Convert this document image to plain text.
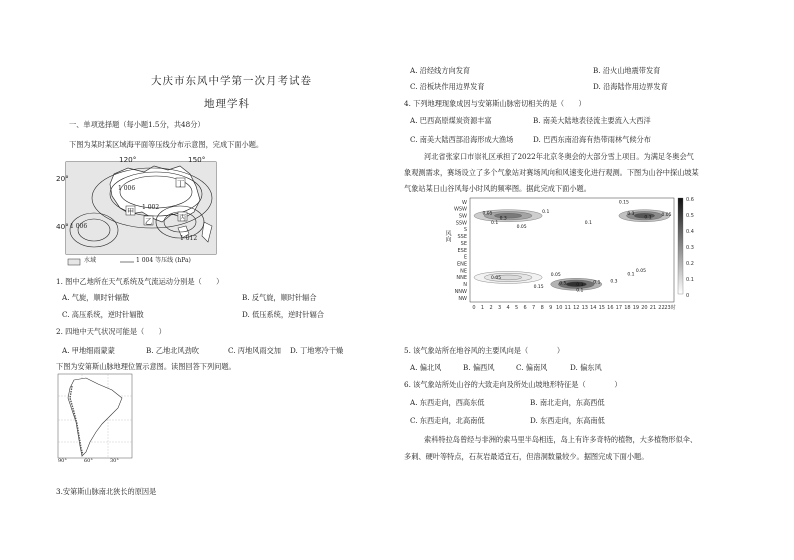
大庆市东风中学第一次月考试卷
地理学科
一、单项选择题（每小题1.5分，共48分）
下图为某时某区域海平面等压线分布示意图，完成下面小题。
120°	150°
20°
40°
甲
乙	丙
丁
1 006
1 002
1 006
1 012
水域	1 004 等压线 (hPa)
1. 图中乙地所在天气系统及气流运动分别是（　　）
A. 气旋，顺时针辐散	B. 反气旋，顺时针辐合
C. 高压系统，逆时针辐散	D. 低压系统，逆时针辐合
2. 四地中天气状况可能是（　　）
A. 甲地细雨蒙蒙	B. 乙地北风劲吹	C. 丙地风雨交加 D. 丁地寒冷干燥
下图为安第斯山脉地理位置示意图。读图回答下列问题。
90°	60°	30°
3.安第斯山脉南北狭长的原因是
A. 沿经线方向发育	B. 沿火山地震带发育
C. 沿板块作用边界发育	D. 沿海陆作用边界发育
4. 下列地理现象成因与安第斯山脉密切相关的是（　　）
A. 巴西高原煤炭资源丰富	B. 南美大陆地表径流主要流入大西洋
C. 南美大陆西部沿海形成大渔场	D. 巴西东南沿海有热带雨林气候分布
河北省张家口市崇礼区承担了2022年北京冬奥会的大部分雪上项目。为满足冬奥会气
象观测需求，赛场设立了多个气象站对赛场风向和风速变化进行观测。下图为山谷中探山坡某
气象站某日山谷风每小时风的频率图。据此完成下面小题。
0.05
0.3
0.1
0.05
0.1	0.3
0.1
0.05
0.15
0.1
0.5 0.3 0.1
0.05
0.15
0.3
0.1
0.05
0.1
0.05
0 1 2 3 4 5 6 7 8 9 10 11 12 13 14 15 16 17 18 19 20 21 22 23时
NW
NNW
N
NNE
NE
ENE
E
ESE
SE
SSE
S
SSW
SW
WSW
W	0.6
0.5
0.4
0.3
0.2
0.1
0
风向
5. 该气象站所在地谷风的主要风向是（　　　　）
A. 偏北风	B. 偏西风	C. 偏南风	D. 偏东风
6. 该气象站所处山谷的大致走向及所处山坡地形特征是（　　　　）
A. 东西走向，西高东低	B. 南北走向，东高西低
C. 东西走向，北高南低	D. 东西走向，东高南低
索科特拉岛曾经与非洲的索马里半岛相连，岛上有许多奇特的植物，大多植物形似伞、
多刺、硬叶等特点，石灰岩最适宜石，但溶洞数量较少。据图完成下面小题。
